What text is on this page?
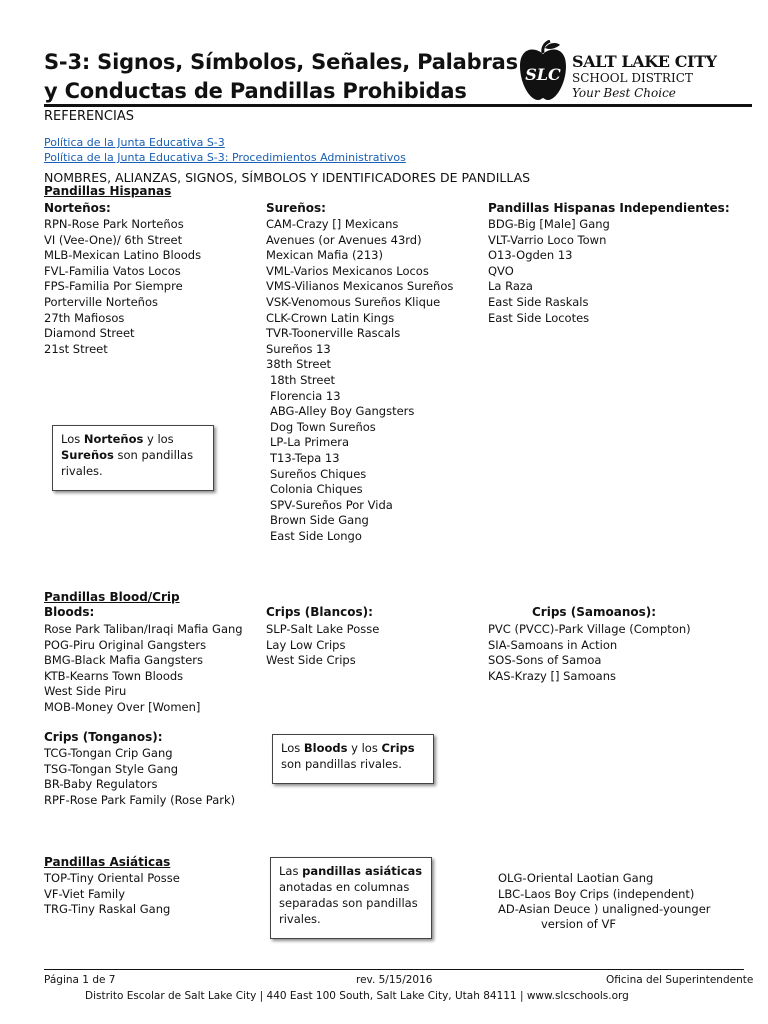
S-3: Signos, Símbolos, Señales, Palabras
y Conductas de Pandillas Prohibidas
SLC
SALT LAKE CITY
SCHOOL DISTRICT
Your Best Choice
REFERENCIAS
Política de la Junta Educativa S-3
Política de la Junta Educativa S-3: Procedimientos Administrativos
NOMBRES, ALIANZAS, SIGNOS, SÍMBOLOS Y IDENTIFICADORES DE PANDILLAS
Pandillas Hispanas
Norteños:
RPN-Rose Park Norteños
VI (Vee-One)/ 6th Street
MLB-Mexican Latino Bloods
FVL-Familia Vatos Locos
FPS-Familia Por Siempre
Porterville Norteños
27th Mafiosos
Diamond Street
21st Street
Sureños:
CAM-Crazy [] Mexicans
Avenues (or Avenues 43rd)
Mexican Mafia (213)
VML-Varios Mexicanos Locos
VMS-Vilianos Mexicanos Sureños
VSK-Venomous Sureños Klique
CLK-Crown Latin Kings
TVR-Toonerville Rascals
Sureños 13
38th Street
18th Street
Florencia 13
ABG-Alley Boy Gangsters
Dog Town Sureños
LP-La Primera
T13-Tepa 13
Sureños Chiques
Colonia Chiques
SPV-Sureños Por Vida
Brown Side Gang
East Side Longo
Pandillas Hispanas Independientes:
BDG-Big [Male] Gang
VLT-Varrio Loco Town
O13-Ogden 13
QVO
La Raza
East Side Raskals
East Side Locotes
Los Norteños y los Sureños son pandillas rivales.
Pandillas Blood/Crip
Bloods:
Rose Park Taliban/Iraqi Mafia Gang
POG-Piru Original Gangsters
BMG-Black Mafia Gangsters
KTB-Kearns Town Bloods
West Side Piru
MOB-Money Over [Women]
Crips (Blancos):
SLP-Salt Lake Posse
Lay Low Crips
West Side Crips
Crips (Samoanos):
PVC (PVCC)-Park Village (Compton)
SIA-Samoans in Action
SOS-Sons of Samoa
KAS-Krazy [] Samoans
Crips (Tonganos):
TCG-Tongan Crip Gang
TSG-Tongan Style Gang
BR-Baby Regulators
RPF-Rose Park Family (Rose Park)
Los Bloods y los Crips son pandillas rivales.
Pandillas Asiáticas
TOP-Tiny Oriental Posse
VF-Viet Family
TRG-Tiny Raskal Gang
Las pandillas asiáticas anotadas en columnas separadas son pandillas rivales.
OLG-Oriental Laotian Gang
LBC-Laos Boy Crips (independent)
AD-Asian Deuce ) unaligned-younger
version of VF
Página 1 de 7	rev. 5/15/2016	Oficina del Superintendente
Distrito Escolar de Salt Lake City | 440 East 100 South, Salt Lake City, Utah 84111 | www.slcschools.org
